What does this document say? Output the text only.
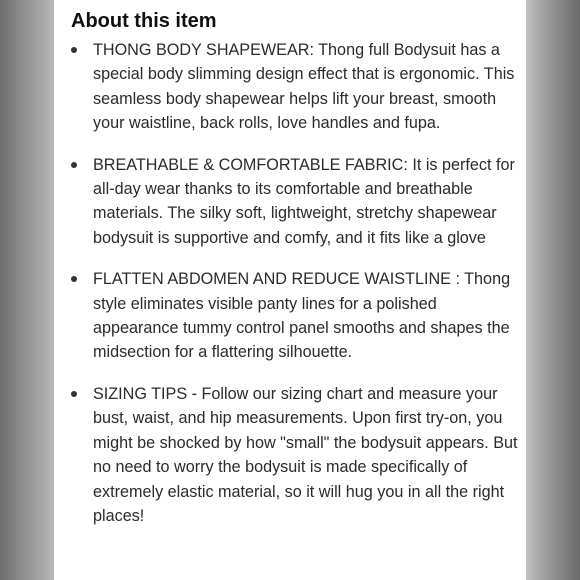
About this item
THONG BODY SHAPEWEAR: Thong full Bodysuit has a special body slimming design effect that is ergonomic. This seamless body shapewear helps lift your breast, smooth your waistline, back rolls, love handles and fupa.
BREATHABLE & COMFORTABLE FABRIC: It is perfect for all-day wear thanks to its comfortable and breathable materials. The silky soft, lightweight, stretchy shapewear bodysuit is supportive and comfy, and it fits like a glove
FLATTEN ABDOMEN AND REDUCE WAISTLINE : Thong style eliminates visible panty lines for a polished appearance tummy control panel smooths and shapes the midsection for a flattering silhouette.
SIZING TIPS - Follow our sizing chart and measure your bust, waist, and hip measurements. Upon first try-on, you might be shocked by how "small" the bodysuit appears. But no need to worry the bodysuit is made specifically of extremely elastic material, so it will hug you in all the right places!
